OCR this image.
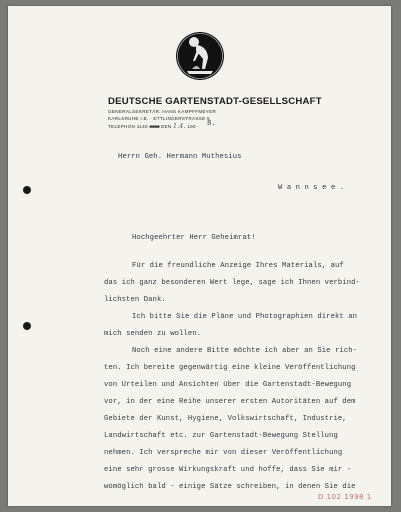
DEUTSCHE GARTENSTADT-GESELLSCHAFT
GENERALSEKRETÄR: HANS KAMPFFMEYER
KARLSRUHE I.B. · ETTLINGERSTRASSE 5
TELEPHON 1140 ■■■■ DEN 1.4. 190	8.
Herrn Geh. Hermann Muthesius
W a n n s e e .
Hochgeehrter Herr Geheimrat!
Für die freundliche Anzeige Ihres Materials, auf
das ich ganz besonderen Wert lege, sage ich Ihnen verbind-
lichsten Dank.
Ich bitte Sie die Pläne und Photographien direkt an
mich senden zu wollen.
Noch eine andere Bitte möchte ich aber an Sie rich-
ten. Ich bereite gegenwärtig eine kleine Veröffentlichung
von Urteilen und Ansichten über die Gartenstadt-Bewegung
vor, in der eine Reihe unserer ersten Autoritäten auf dem
Gebiete der Kunst, Hygiene, Volkswirtschaft, Industrie,
Landwirtschaft etc. zur Gartenstadt-Bewegung Stellung
nehmen. Ich verspreche mir von dieser Veröffentlichung
eine sehr grosse Wirkungskraft und hoffe, dass Sie mir -
womöglich bald - einige Sätze schreiben, in denen Sie die
D 102 1998 1
